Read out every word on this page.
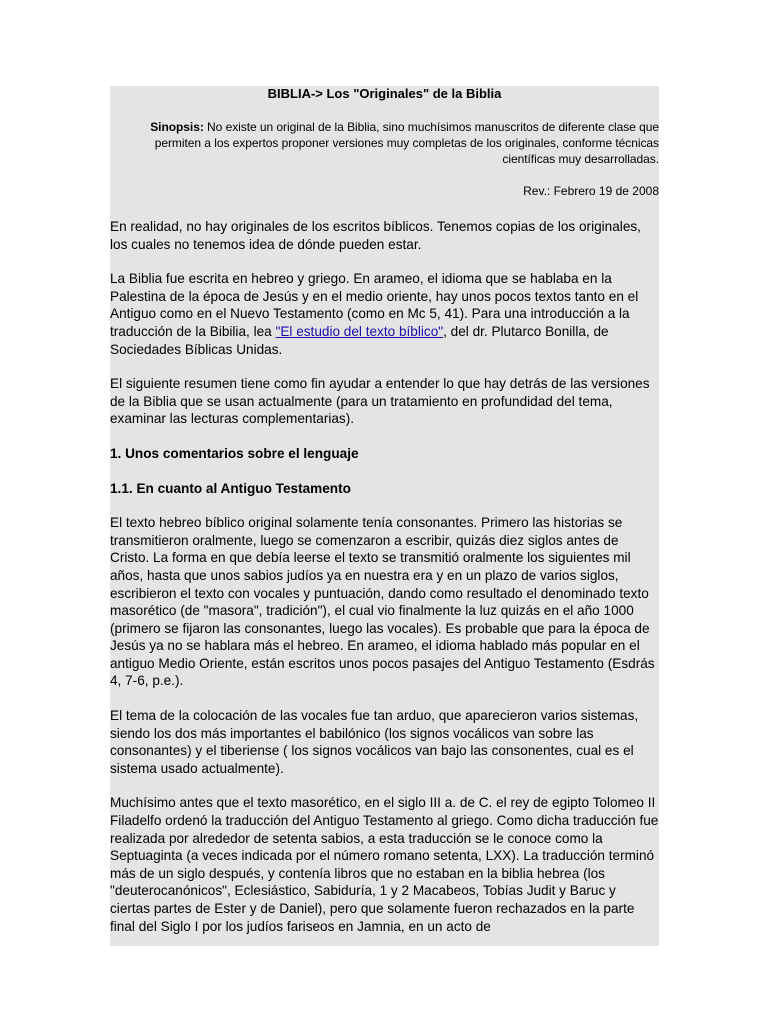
BIBLIA-> Los "Originales" de la Biblia

Sinopsis: No existe un original de la Biblia, sino muchísimos manuscritos de diferente clase que permiten a los expertos proponer versiones muy completas de los originales, conforme técnicas científicas muy desarrolladas.

Rev.: Febrero 19 de 2008

En realidad, no hay originales de los escritos bíblicos. Tenemos copias de los originales, los cuales no tenemos idea de dónde pueden estar.

La Biblia fue escrita en hebreo y griego. En arameo, el idioma que se hablaba en la Palestina de la época de Jesús y en el medio oriente, hay unos pocos textos tanto en el Antiguo como en el Nuevo Testamento (como en Mc 5, 41). Para una introducción a la traducción de la Bibilia, lea "El estudio del texto bíblico", del dr. Plutarco Bonilla, de Sociedades Bíblicas Unidas.

El siguiente resumen tiene como fin ayudar a entender lo que hay detrás de las versiones de la Biblia que se usan actualmente (para un tratamiento en profundidad del tema, examinar las lecturas complementarias).

1. Unos comentarios sobre el lenguaje

1.1. En cuanto al Antiguo Testamento

El texto hebreo bíblico original solamente tenía consonantes. Primero las historias se transmitieron oralmente, luego se comenzaron a escribir, quizás diez siglos antes de Cristo. La forma en que debía leerse el texto se transmitió oralmente los siguientes mil años, hasta que unos sabios judíos ya en nuestra era y en un plazo de varios siglos, escribieron el texto con vocales y puntuación, dando como resultado el denominado texto masorético (de "masora", tradición"), el cual vio finalmente la luz quizás en el año 1000 (primero se fijaron las consonantes, luego las vocales). Es probable que para la época de Jesús ya no se hablara más el hebreo. En arameo, el idioma hablado más popular en el antiguo Medio Oriente, están escritos unos pocos pasajes del Antiguo Testamento (Esdrás 4, 7-6, p.e.).

El tema de la colocación de las vocales fue tan arduo, que aparecieron varios sistemas, siendo los dos más importantes el babilónico (los signos vocálicos van sobre las consonantes) y el tiberiense ( los signos vocálicos van bajo las consonentes, cual es el sistema usado actualmente).

Muchísimo antes que el texto masorético, en el siglo III a. de C. el rey de egipto Tolomeo II Filadelfo ordenó la traducción del Antiguo Testamento al griego. Como dicha traducción fue realizada por alrededor de setenta sabios, a esta traducción se le conoce como la Septuaginta (a veces indicada por el número romano setenta, LXX). La traducción terminó más de un siglo después, y contenía libros que no estaban en la biblia hebrea (los "deuterocanónicos", Eclesiástico, Sabiduría, 1 y 2 Macabeos, Tobías Judit y Baruc y ciertas partes de Ester y de Daniel), pero que solamente fueron rechazados en la parte final del Siglo I por los judíos fariseos en Jamnia, en un acto de
